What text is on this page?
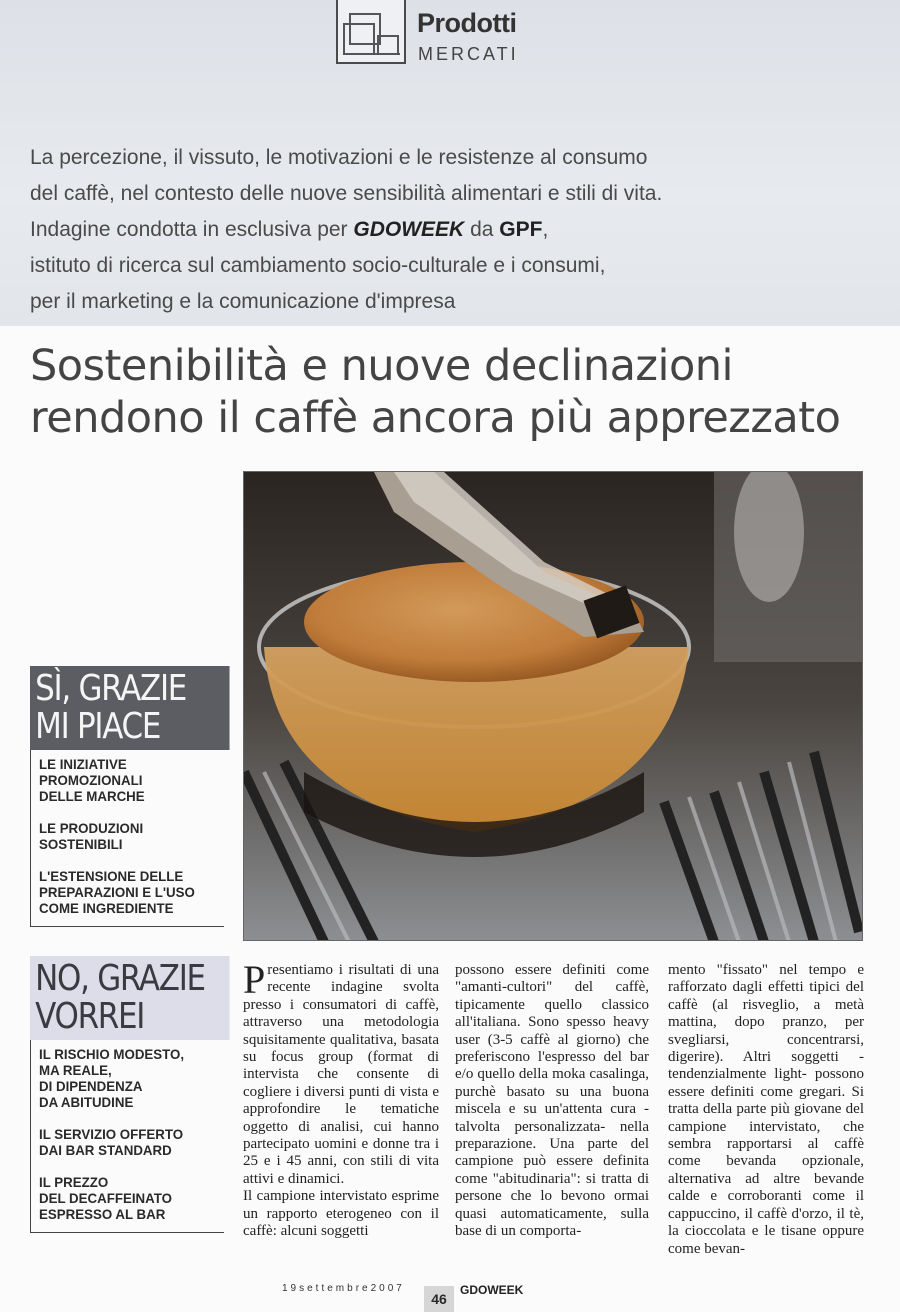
Prodotti
MERCATI

La percezione, il vissuto, le motivazioni e le resistenze al consumo

del caffè, nel contesto delle nuove sensibilità alimentari e stili di vita.

Indagine condotta in esclusiva per GDOWEEK da GPF,

istituto di ricerca sul cambiamento socio-culturale e i consumi,

per il marketing e la comunicazione d'impresa

Sostenibilità e nuove declinazioni
rendono il caffè ancora più apprezzato
SÌ, GRAZIE
MI PIACE
LE INIZIATIVE
PROMOZIONALI
DELLE MARCHE
LE PRODUZIONI
SOSTENIBILI
L'ESTENSIONE DELLE
PREPARAZIONI E L'USO
COME INGREDIENTE
NO, GRAZIE
VORREI
IL RISCHIO MODESTO,
MA REALE,
DI DIPENDENZA
DA ABITUDINE
IL SERVIZIO OFFERTO
DAI BAR STANDARD
IL PREZZO
DEL DECAFFEINATO
ESPRESSO AL BAR

Presentiamo i risultati di una recente indagine svolta presso i consumatori di caffè, attraverso una metodologia squisitamente qualitativa, basata su focus group (format di intervista che consente di cogliere i diversi punti di vista e approfondire le tematiche oggetto di analisi, cui hanno partecipato uomini e donne tra i 25 e i 45 anni, con stili di vita attivi e dinamici.

Il campione intervistato esprime un rapporto eterogeneo con il caffè: alcuni soggetti

possono essere definiti come "amanti-cultori" del caffè, tipicamente quello classico all'italiana. Sono spesso heavy user (3-5 caffè al giorno) che preferiscono l'espresso del bar e/o quello della moka casalinga, purchè basato su una buona miscela e su un'attenta cura -talvolta personalizzata- nella preparazione. Una parte del campione può essere definita come "abitudinaria": si tratta di persone che lo bevono ormai quasi automaticamente, sulla base di un comporta-

mento "fissato" nel tempo e rafforzato dagli effetti tipici del caffè (al risveglio, a metà mattina, dopo pranzo, per svegliarsi, concentrarsi, digerire). Altri soggetti -tendenzialmente light- possono essere definiti come gregari. Si tratta della parte più giovane del campione intervistato, che sembra rapportarsi al caffè come bevanda opzionale, alternativa ad altre bevande calde e corroboranti come il cappuccino, il caffè d'orzo, il tè, la cioccolata e le tisane oppure come bevan-

19settembre2007
46
GDOWEEK
